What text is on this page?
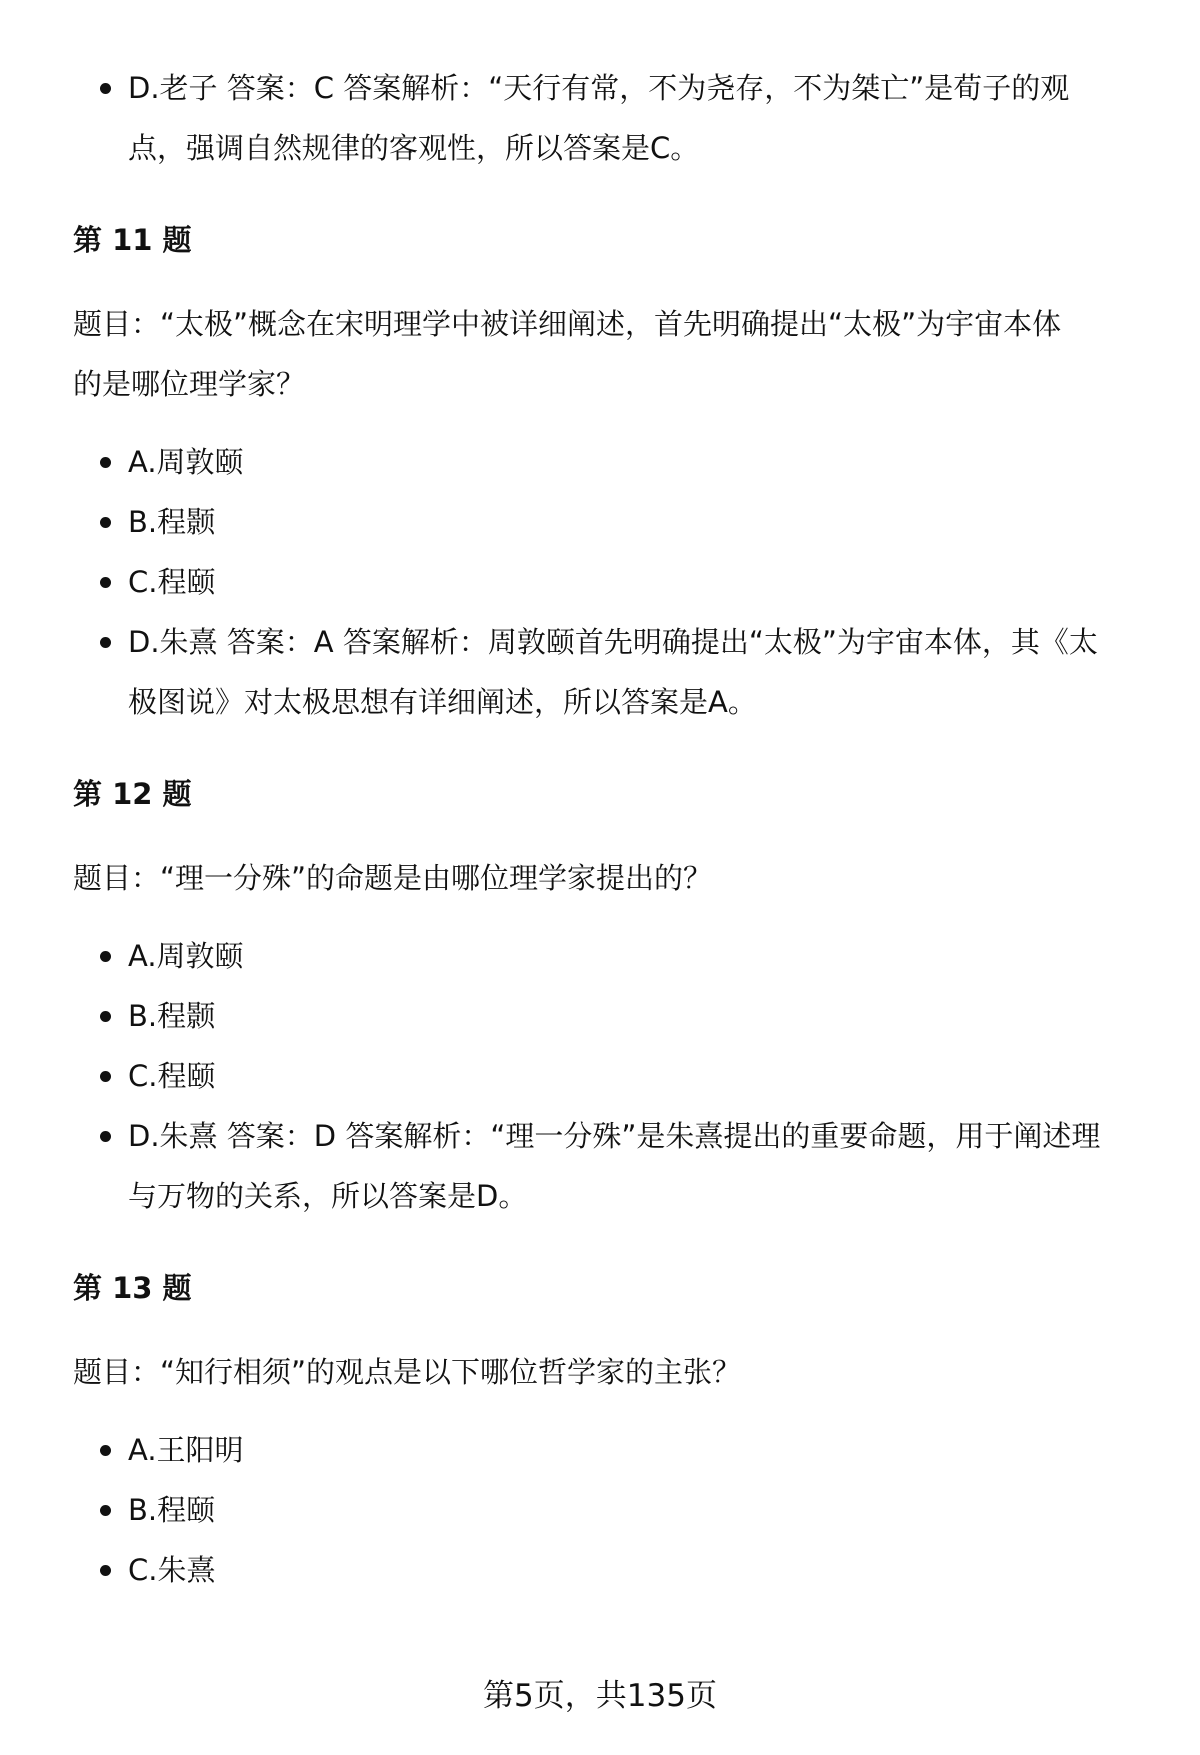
D.老子 答案：C 答案解析：“天行有常，不为尧存，不为桀亡”是荀子的观
点，强调自然规律的客观性，所以答案是C。
第 11 题
题目：“太极”概念在宋明理学中被详细阐述，首先明确提出“太极”为宇宙本体
的是哪位理学家？
A.周敦颐
B.程颢
C.程颐
D.朱熹 答案：A 答案解析：周敦颐首先明确提出“太极”为宇宙本体，其《太
极图说》对太极思想有详细阐述，所以答案是A。
第 12 题
题目：“理一分殊”的命题是由哪位理学家提出的？
A.周敦颐
B.程颢
C.程颐
D.朱熹 答案：D 答案解析：“理一分殊”是朱熹提出的重要命题，用于阐述理
与万物的关系，所以答案是D。
第 13 题
题目：“知行相须”的观点是以下哪位哲学家的主张？
A.王阳明
B.程颐
C.朱熹
第5页，共135页
